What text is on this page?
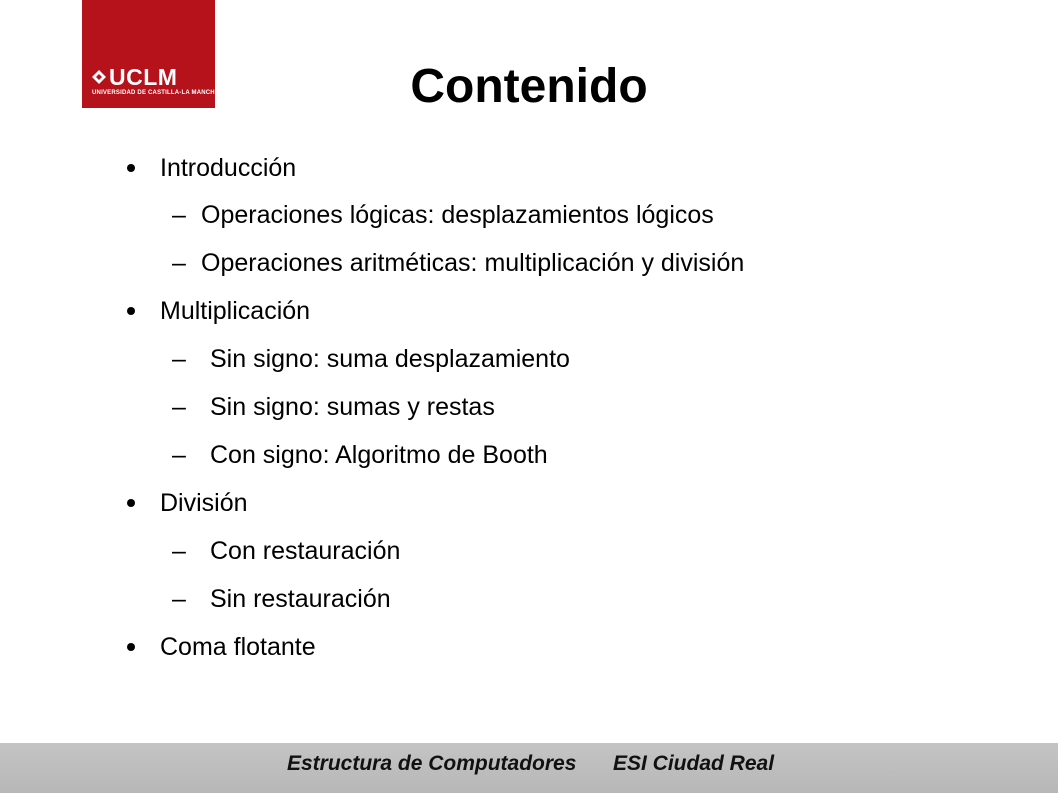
UCLM
UNIVERSIDAD DE CASTILLA-LA MANCHA	Contenido
Introducción
– Operaciones lógicas: desplazamientos lógicos
– Operaciones aritméticas: multiplicación y división
Multiplicación
– Sin signo: suma desplazamiento
– Sin signo: sumas y restas
– Con signo: Algoritmo de Booth
División
– Con restauración
– Sin restauración
Coma flotante
Estructura de Computadores ESI Ciudad Real
